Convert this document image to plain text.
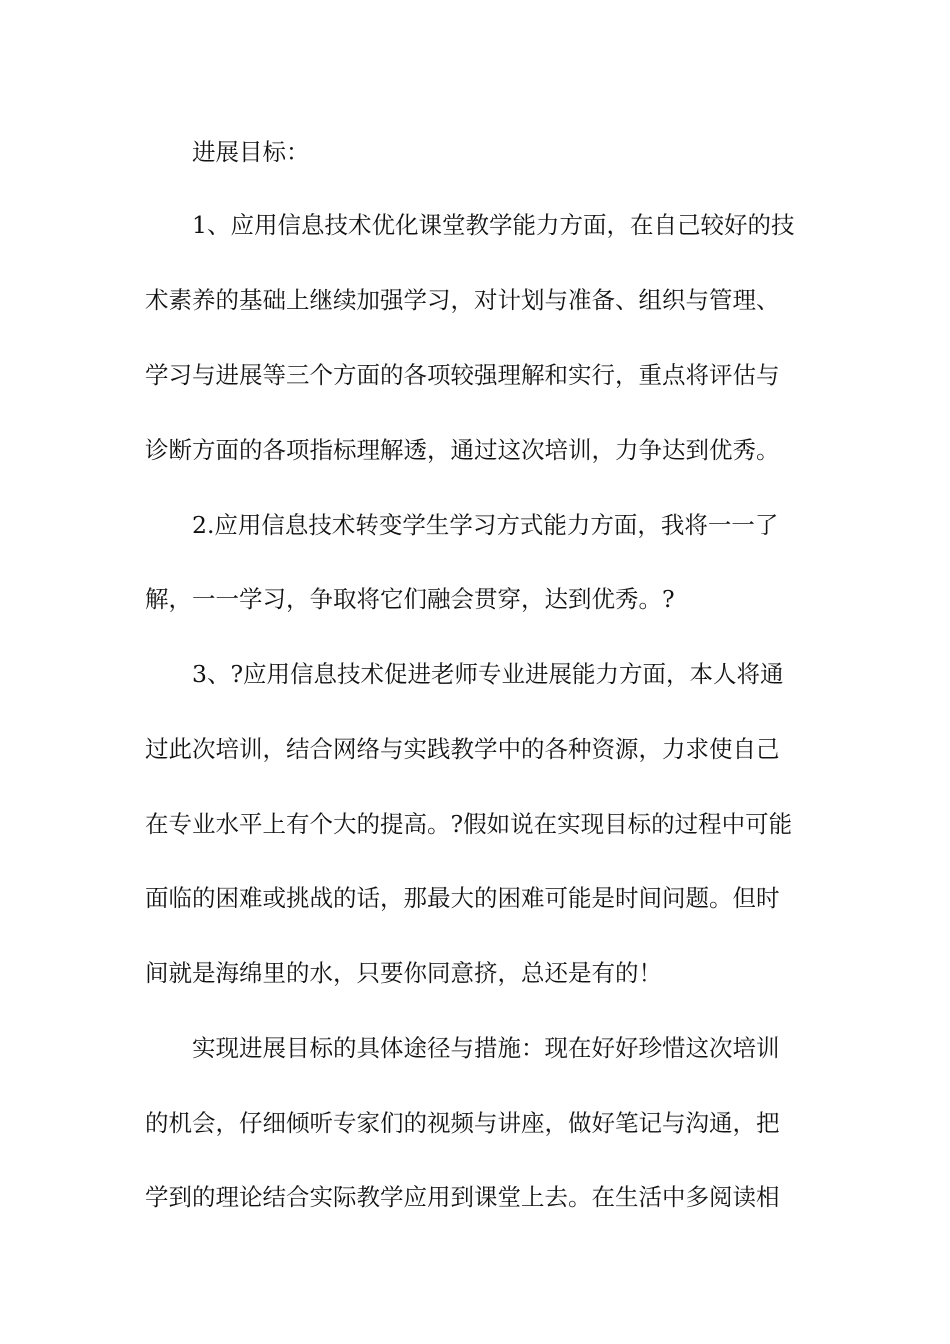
进展目标：
1、应用信息技术优化课堂教学能力方面，在自己较好的技
术素养的基础上继续加强学习，对计划与准备、组织与管理、
学习与进展等三个方面的各项较强理解和实行，重点将评估与
诊断方面的各项指标理解透，通过这次培训，力争达到优秀。
2.应用信息技术转变学生学习方式能力方面，我将一一了
解，一一学习，争取将它们融会贯穿，达到优秀。?
3、?应用信息技术促进老师专业进展能力方面，本人将通
过此次培训，结合网络与实践教学中的各种资源，力求使自己
在专业水平上有个大的提高。?假如说在实现目标的过程中可能
面临的困难或挑战的话，那最大的困难可能是时间问题。但时
间就是海绵里的水，只要你同意挤，总还是有的！
实现进展目标的具体途径与措施：现在好好珍惜这次培训
的机会，仔细倾听专家们的视频与讲座，做好笔记与沟通，把
学到的理论结合实际教学应用到课堂上去。在生活中多阅读相
